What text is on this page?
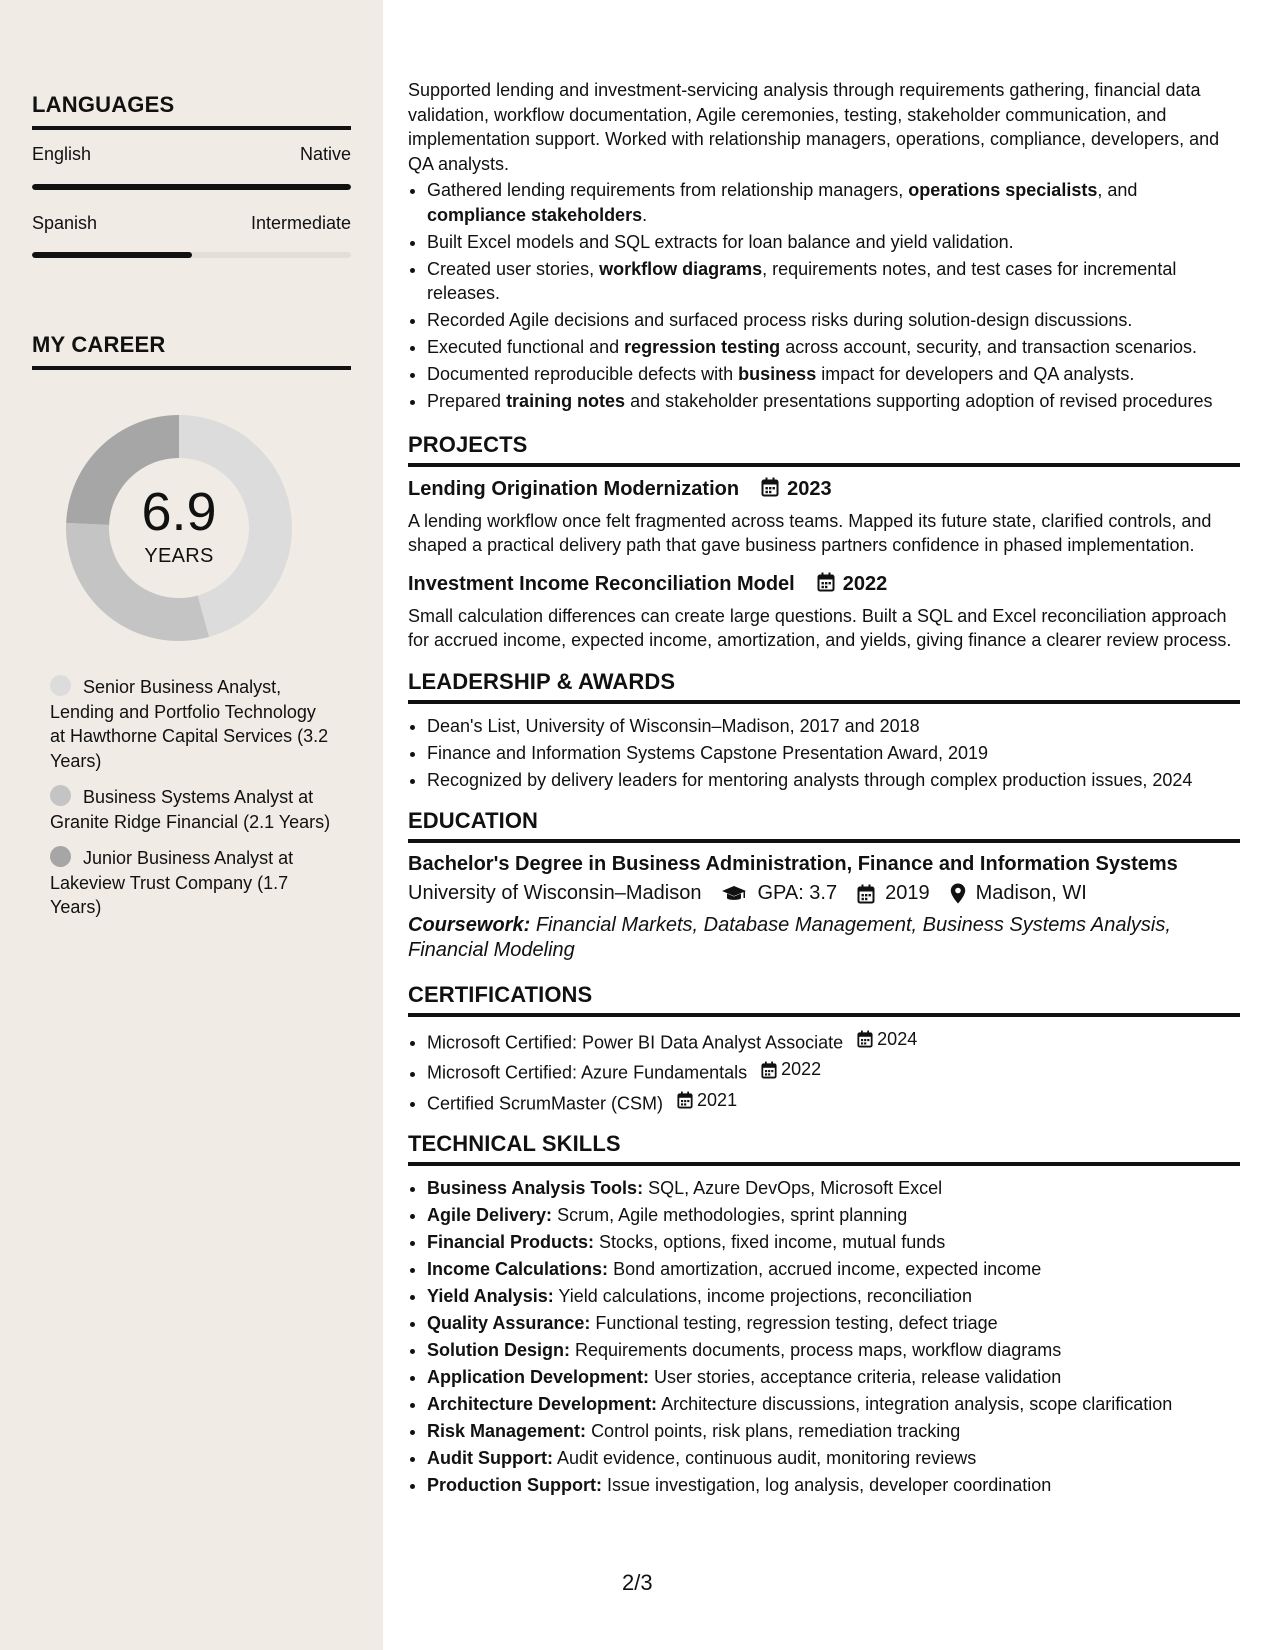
LANGUAGES
English	Native
Spanish	Intermediate
MY CAREER
6.9
YEARS
Senior Business Analyst, Lending and Portfolio Technology at Hawthorne Capital Services (3.2 Years)
Business Systems Analyst at Granite Ridge Financial (2.1 Years)
Junior Business Analyst at Lakeview Trust Company (1.7 Years)

Supported lending and investment-servicing analysis through requirements gathering, financial data validation, workflow documentation, Agile ceremonies, testing, stakeholder communication, and implementation support. Worked with relationship managers, operations, compliance, developers, and QA analysts.

• Gathered lending requirements from relationship managers, operations specialists, and compliance stakeholders.
• Built Excel models and SQL extracts for loan balance and yield validation.
• Created user stories, workflow diagrams, requirements notes, and test cases for incremental releases.
• Recorded Agile decisions and surfaced process risks during solution-design discussions.
• Executed functional and regression testing across account, security, and transaction scenarios.
• Documented reproducible defects with business impact for developers and QA analysts.
• Prepared training notes and stakeholder presentations supporting adoption of revised procedures
PROJECTS
Lending Origination Modernization 2023

A lending workflow once felt fragmented across teams. Mapped its future state, clarified controls, and shaped a practical delivery path that gave business partners confidence in phased implementation.

Investment Income Reconciliation Model 2022

Small calculation differences can create large questions. Built a SQL and Excel reconciliation approach for accrued income, expected income, amortization, and yields, giving finance a clearer review process.

LEADERSHIP & AWARDS
• Dean's List, University of Wisconsin–Madison, 2017 and 2018
• Finance and Information Systems Capstone Presentation Award, 2019
• Recognized by delivery leaders for mentoring analysts through complex production issues, 2024
EDUCATION
Bachelor's Degree in Business Administration, Finance and Information Systems
University of Wisconsin–Madison	GPA: 3.7 2019 Madison, WI
Coursework: Financial Markets, Database Management, Business Systems Analysis, Financial Modeling
CERTIFICATIONS
• Microsoft Certified: Power BI Data Analyst Associate 2024
• Microsoft Certified: Azure Fundamentals 2022
• Certified ScrumMaster (CSM) 2021
TECHNICAL SKILLS
• Business Analysis Tools: SQL, Azure DevOps, Microsoft Excel
• Agile Delivery: Scrum, Agile methodologies, sprint planning
• Financial Products: Stocks, options, fixed income, mutual funds
• Income Calculations: Bond amortization, accrued income, expected income
• Yield Analysis: Yield calculations, income projections, reconciliation
• Quality Assurance: Functional testing, regression testing, defect triage
• Solution Design: Requirements documents, process maps, workflow diagrams
• Application Development: User stories, acceptance criteria, release validation
• Architecture Development: Architecture discussions, integration analysis, scope clarification
• Risk Management: Control points, risk plans, remediation tracking
• Audit Support: Audit evidence, continuous audit, monitoring reviews
• Production Support: Issue investigation, log analysis, developer coordination
2/3
